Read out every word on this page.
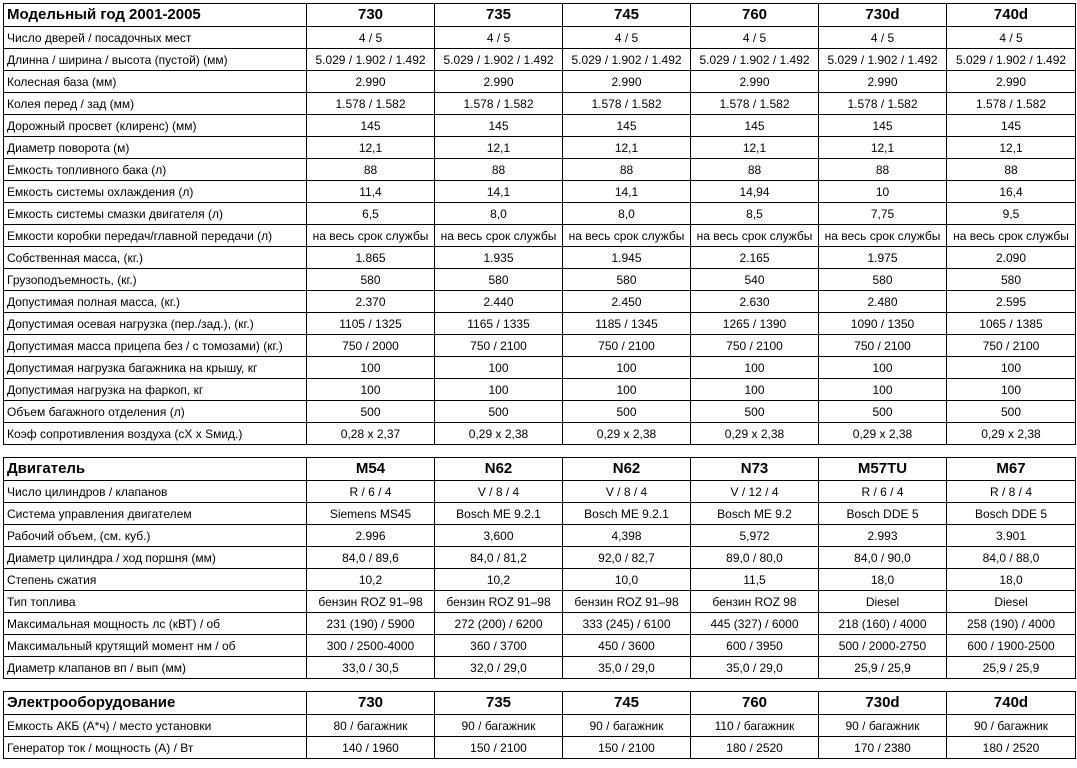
Модельный год 2001-2005	730	735	745	760	730d	740d
Число дверей / посадочных мест	4 / 5	4 / 5	4 / 5	4 / 5	4 / 5	4 / 5
Длинна / ширина / высота (пустой) (мм)	5.029 / 1.902 / 1.492	5.029 / 1.902 / 1.492	5.029 / 1.902 / 1.492	5.029 / 1.902 / 1.492	5.029 / 1.902 / 1.492	5.029 / 1.902 / 1.492
Колесная база (мм)	2.990	2.990	2.990	2.990	2.990	2.990
Колея перед / зад (мм)	1.578 / 1.582	1.578 / 1.582	1.578 / 1.582	1.578 / 1.582	1.578 / 1.582	1.578 / 1.582
Дорожный просвет (клиренс) (мм)	145	145	145	145	145	145
Диаметр поворота (м)	12,1	12,1	12,1	12,1	12,1	12,1
Емкость топливного бака (л)	88	88	88	88	88	88
Емкость системы охлаждения (л)	11,4	14,1	14,1	14,94	10	16,4
Емкость системы смазки двигателя (л)	6,5	8,0	8,0	8,5	7,75	9,5
Емкости коробки передач/главной передачи (л)	на весь срок службы	на весь срок службы	на весь срок службы	на весь срок службы	на весь срок службы	на весь срок службы
Собственная масса, (кг.)	1.865	1.935	1.945	2.165	1.975	2.090
Грузоподъемность, (кг.)	580	580	580	540	580	580
Допустимая полная масса, (кг.)	2.370	2.440	2.450	2.630	2.480	2.595
Допустимая осевая нагрузка (пер./зад.), (кг.)	1105 / 1325	1165 / 1335	1185 / 1345	1265 / 1390	1090 / 1350	1065 / 1385
Допустимая масса прицепа без / с томозами) (кг.)	750 / 2000	750 / 2100	750 / 2100	750 / 2100	750 / 2100	750 / 2100
Допустимая нагрузка багажника на крышу, кг	100	100	100	100	100	100
Допустимая нагрузка на фаркоп, кг	100	100	100	100	100	100
Объем багажного отделения (л)	500	500	500	500	500	500
Коэф сопротивления воздуха (сX х Sмид.)	0,28 х 2,37	0,29 х 2,38	0,29 х 2,38	0,29 х 2,38	0,29 х 2,38	0,29 х 2,38
Двигатель	M54	N62	N62	N73	M57TU	M67
Число цилиндров / клапанов	R / 6 / 4	V / 8 / 4	V / 8 / 4	V / 12 / 4	R / 6 / 4	R / 8 / 4
Система управления двигателем	Siemens MS45	Bosch ME 9.2.1	Bosch ME 9.2.1	Bosch ME 9.2	Bosch DDE 5	Bosch DDE 5
Рабочий объем, (см. куб.)	2.996	3,600	4,398	5,972	2.993	3.901
Диаметр цилиндра / ход поршня (мм)	84,0 / 89,6	84,0 / 81,2	92,0 / 82,7	89,0 / 80,0	84,0 / 90,0	84,0 / 88,0
Степень сжатия	10,2	10,2	10,0	11,5	18,0	18,0
Тип топлива	бензин ROZ 91–98	бензин ROZ 91–98	бензин ROZ 91–98	бензин ROZ 98	Diesel	Diesel
Максимальная мощность лс (кВТ) / об	231 (190) / 5900	272 (200) / 6200	333 (245) / 6100	445 (327) / 6000	218 (160) / 4000	258 (190) / 4000
Максимальный крутящий момент нм / об	300 / 2500-4000	360 / 3700	450 / 3600	600 / 3950	500 / 2000-2750	600 / 1900-2500
Диаметр клапанов вп / вып (мм)	33,0 / 30,5	32,0 / 29,0	35,0 / 29,0	35,0 / 29,0	25,9 / 25,9	25,9 / 25,9
Электрооборудование	730	735	745	760	730d	740d
Емкость АКБ (А*ч) / место установки	80 / багажник	90 / багажник	90 / багажник	110 / багажник	90 / багажник	90 / багажник
Генератор ток / мощность (А) / Вт	140 / 1960	150 / 2100	150 / 2100	180 / 2520	170 / 2380	180 / 2520
